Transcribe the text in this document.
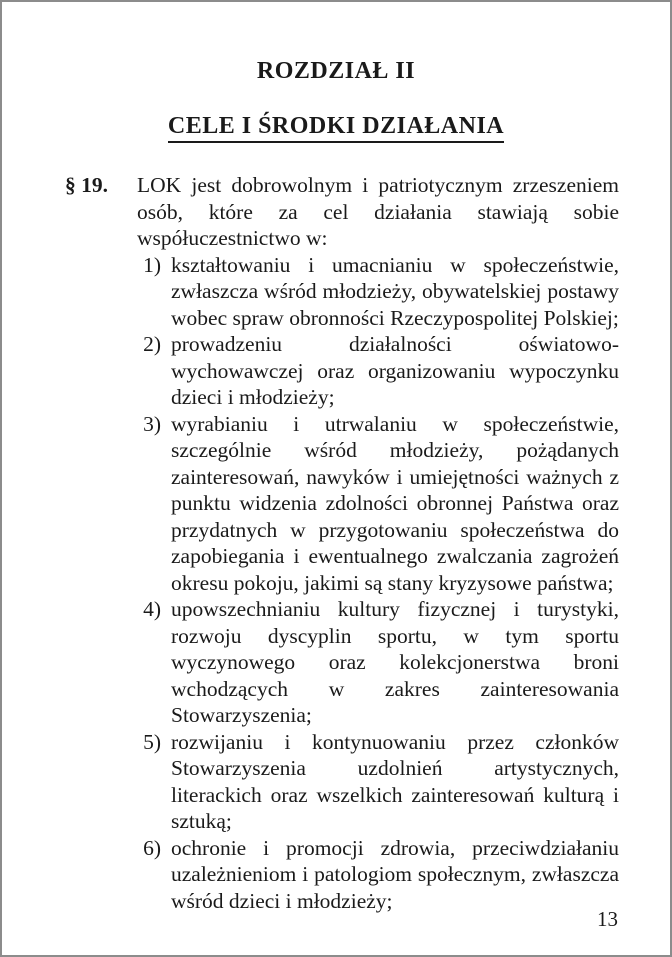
ROZDZIAŁ II
CELE I ŚRODKI DZIAŁANIA
§ 19.	LOK jest dobrowolnym i patriotycznym zrzeszeniem osób, które za cel działania stawiają sobie współuczestnictwo w:
1) kształtowaniu i umacnianiu w społeczeństwie, zwłaszcza wśród młodzieży, obywatelskiej postawy wobec spraw obronności Rzeczypospolitej Polskiej;
2) prowadzeniu działalności oświatowo-wychowawczej oraz organizowaniu wypoczynku dzieci i młodzieży;
3) wyrabianiu i utrwalaniu w społeczeństwie, szczególnie wśród młodzieży, pożądanych zainteresowań, nawyków i umiejętności ważnych z punktu widzenia zdolności obronnej Państwa oraz przydatnych w przygotowaniu społeczeństwa do zapobiegania i ewentualnego zwalczania zagrożeń okresu pokoju, jakimi są stany kryzysowe państwa;
4) upowszechnianiu kultury fizycznej i turystyki, rozwoju dyscyplin sportu, w tym sportu wyczynowego oraz kolekcjonerstwa broni wchodzących w zakres zainteresowania Stowarzyszenia;
5) rozwijaniu i kontynuowaniu przez członków Stowarzyszenia uzdolnień artystycznych, literackich oraz wszelkich zainteresowań kulturą i sztuką;
6) ochronie i promocji zdrowia, przeciwdziałaniu uzależnieniom i patologiom społecznym, zwłaszcza wśród dzieci i młodzieży;
13
